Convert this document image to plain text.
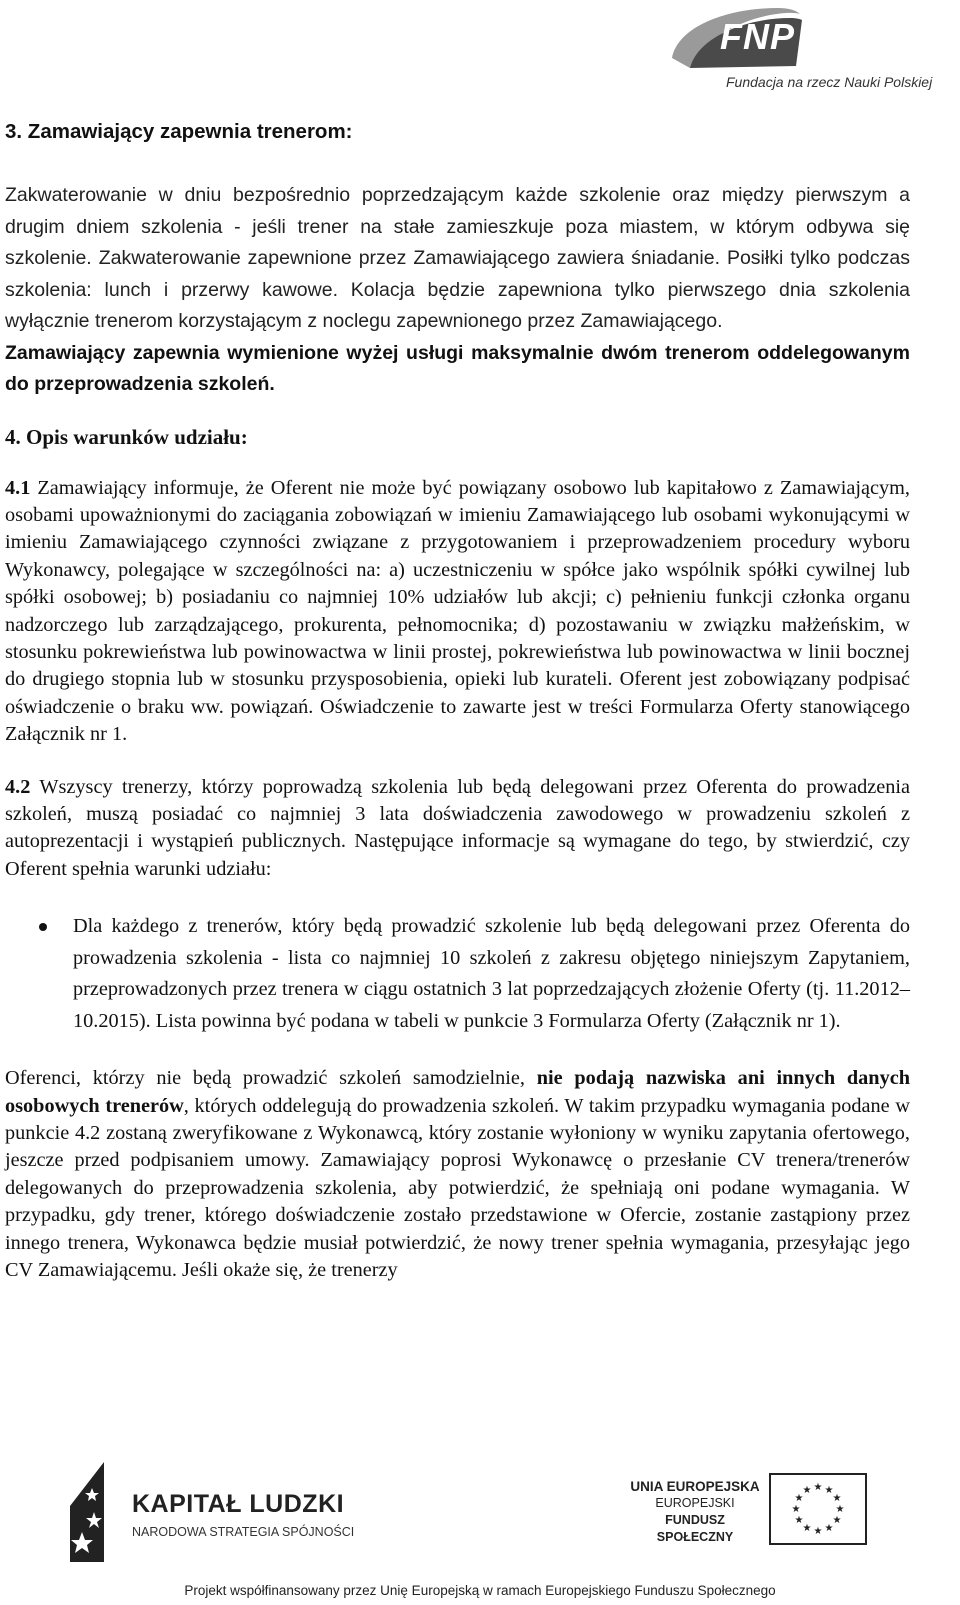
FNP
Fundacja na rzecz Nauki Polskiej

3. Zamawiający zapewnia trenerom:

Zakwaterowanie w dniu bezpośrednio poprzedzającym każde szkolenie oraz między pierwszym a drugim dniem szkolenia - jeśli trener na stałe zamieszkuje poza miastem, w którym odbywa się szkolenie. Zakwaterowanie zapewnione przez Zamawiającego zawiera śniadanie. Posiłki tylko podczas szkolenia: lunch i przerwy kawowe. Kolacja będzie zapewniona tylko pierwszego dnia szkolenia wyłącznie trenerom korzystającym z noclegu zapewnionego przez Zamawiającego.

Zamawiający zapewnia wymienione wyżej usługi maksymalnie dwóm trenerom oddelegowanym do przeprowadzenia szkoleń.

4. Opis warunków udziału:

4.1 Zamawiający informuje, że Oferent nie może być powiązany osobowo lub kapitałowo z Zamawiającym, osobami upoważnionymi do zaciągania zobowiązań w imieniu Zamawiającego lub osobami wykonującymi w imieniu Zamawiającego czynności związane z przygotowaniem i przeprowadzeniem procedury wyboru Wykonawcy, polegające w szczególności na: a) uczestniczeniu w spółce jako wspólnik spółki cywilnej lub spółki osobowej; b) posiadaniu co najmniej 10% udziałów lub akcji; c) pełnieniu funkcji członka organu nadzorczego lub zarządzającego, prokurenta, pełnomocnika; d) pozostawaniu w związku małżeńskim, w stosunku pokrewieństwa lub powinowactwa w linii prostej, pokrewieństwa lub powinowactwa w linii bocznej do drugiego stopnia lub w stosunku przysposobienia, opieki lub kurateli. Oferent jest zobowiązany podpisać oświadczenie o braku ww. powiązań. Oświadczenie to zawarte jest w treści Formularza Oferty stanowiącego Załącznik nr 1.

4.2 Wszyscy trenerzy, którzy poprowadzą szkolenia lub będą delegowani przez Oferenta do prowadzenia szkoleń, muszą posiadać co najmniej 3 lata doświadczenia zawodowego w prowadzeniu szkoleń z autoprezentacji i wystąpień publicznych. Następujące informacje są wymagane do tego, by stwierdzić, czy Oferent spełnia warunki udziału:

Dla każdego z trenerów, który będą prowadzić szkolenie lub będą delegowani przez Oferenta do prowadzenia szkolenia - lista co najmniej 10 szkoleń z zakresu objętego niniejszym Zapytaniem, przeprowadzonych przez trenera w ciągu ostatnich 3 lat poprzedzających złożenie Oferty (tj. 11.2012–10.2015). Lista powinna być podana w tabeli w punkcie 3 Formularza Oferty (Załącznik nr 1).

Oferenci, którzy nie będą prowadzić szkoleń samodzielnie, nie podają nazwiska ani innych danych osobowych trenerów, których oddelegują do prowadzenia szkoleń. W takim przypadku wymagania podane w punkcie 4.2 zostaną zweryfikowane z Wykonawcą, który zostanie wyłoniony w wyniku zapytania ofertowego, jeszcze przed podpisaniem umowy. Zamawiający poprosi Wykonawcę o przesłanie CV trenera/trenerów delegowanych do przeprowadzenia szkolenia, aby potwierdzić, że spełniają oni podane wymagania. W przypadku, gdy trener, którego doświadczenie zostało przedstawione w Ofercie, zostanie zastąpiony przez innego trenera, Wykonawca będzie musiał potwierdzić, że nowy trener spełnia wymagania, przesyłając jego CV Zamawiającemu. Jeśli okaże się, że trenerzy

KAPITAŁ LUDZKI
NARODOWA STRATEGIA SPÓJNOŚCI
UNIA EUROPEJSKA
EUROPEJSKI
FUNDUSZ SPOŁECZNY
★ ★
★
★
★
★
★
★
★
★
★
★
Projekt współfinansowany przez Unię Europejską w ramach Europejskiego Funduszu Społecznego
